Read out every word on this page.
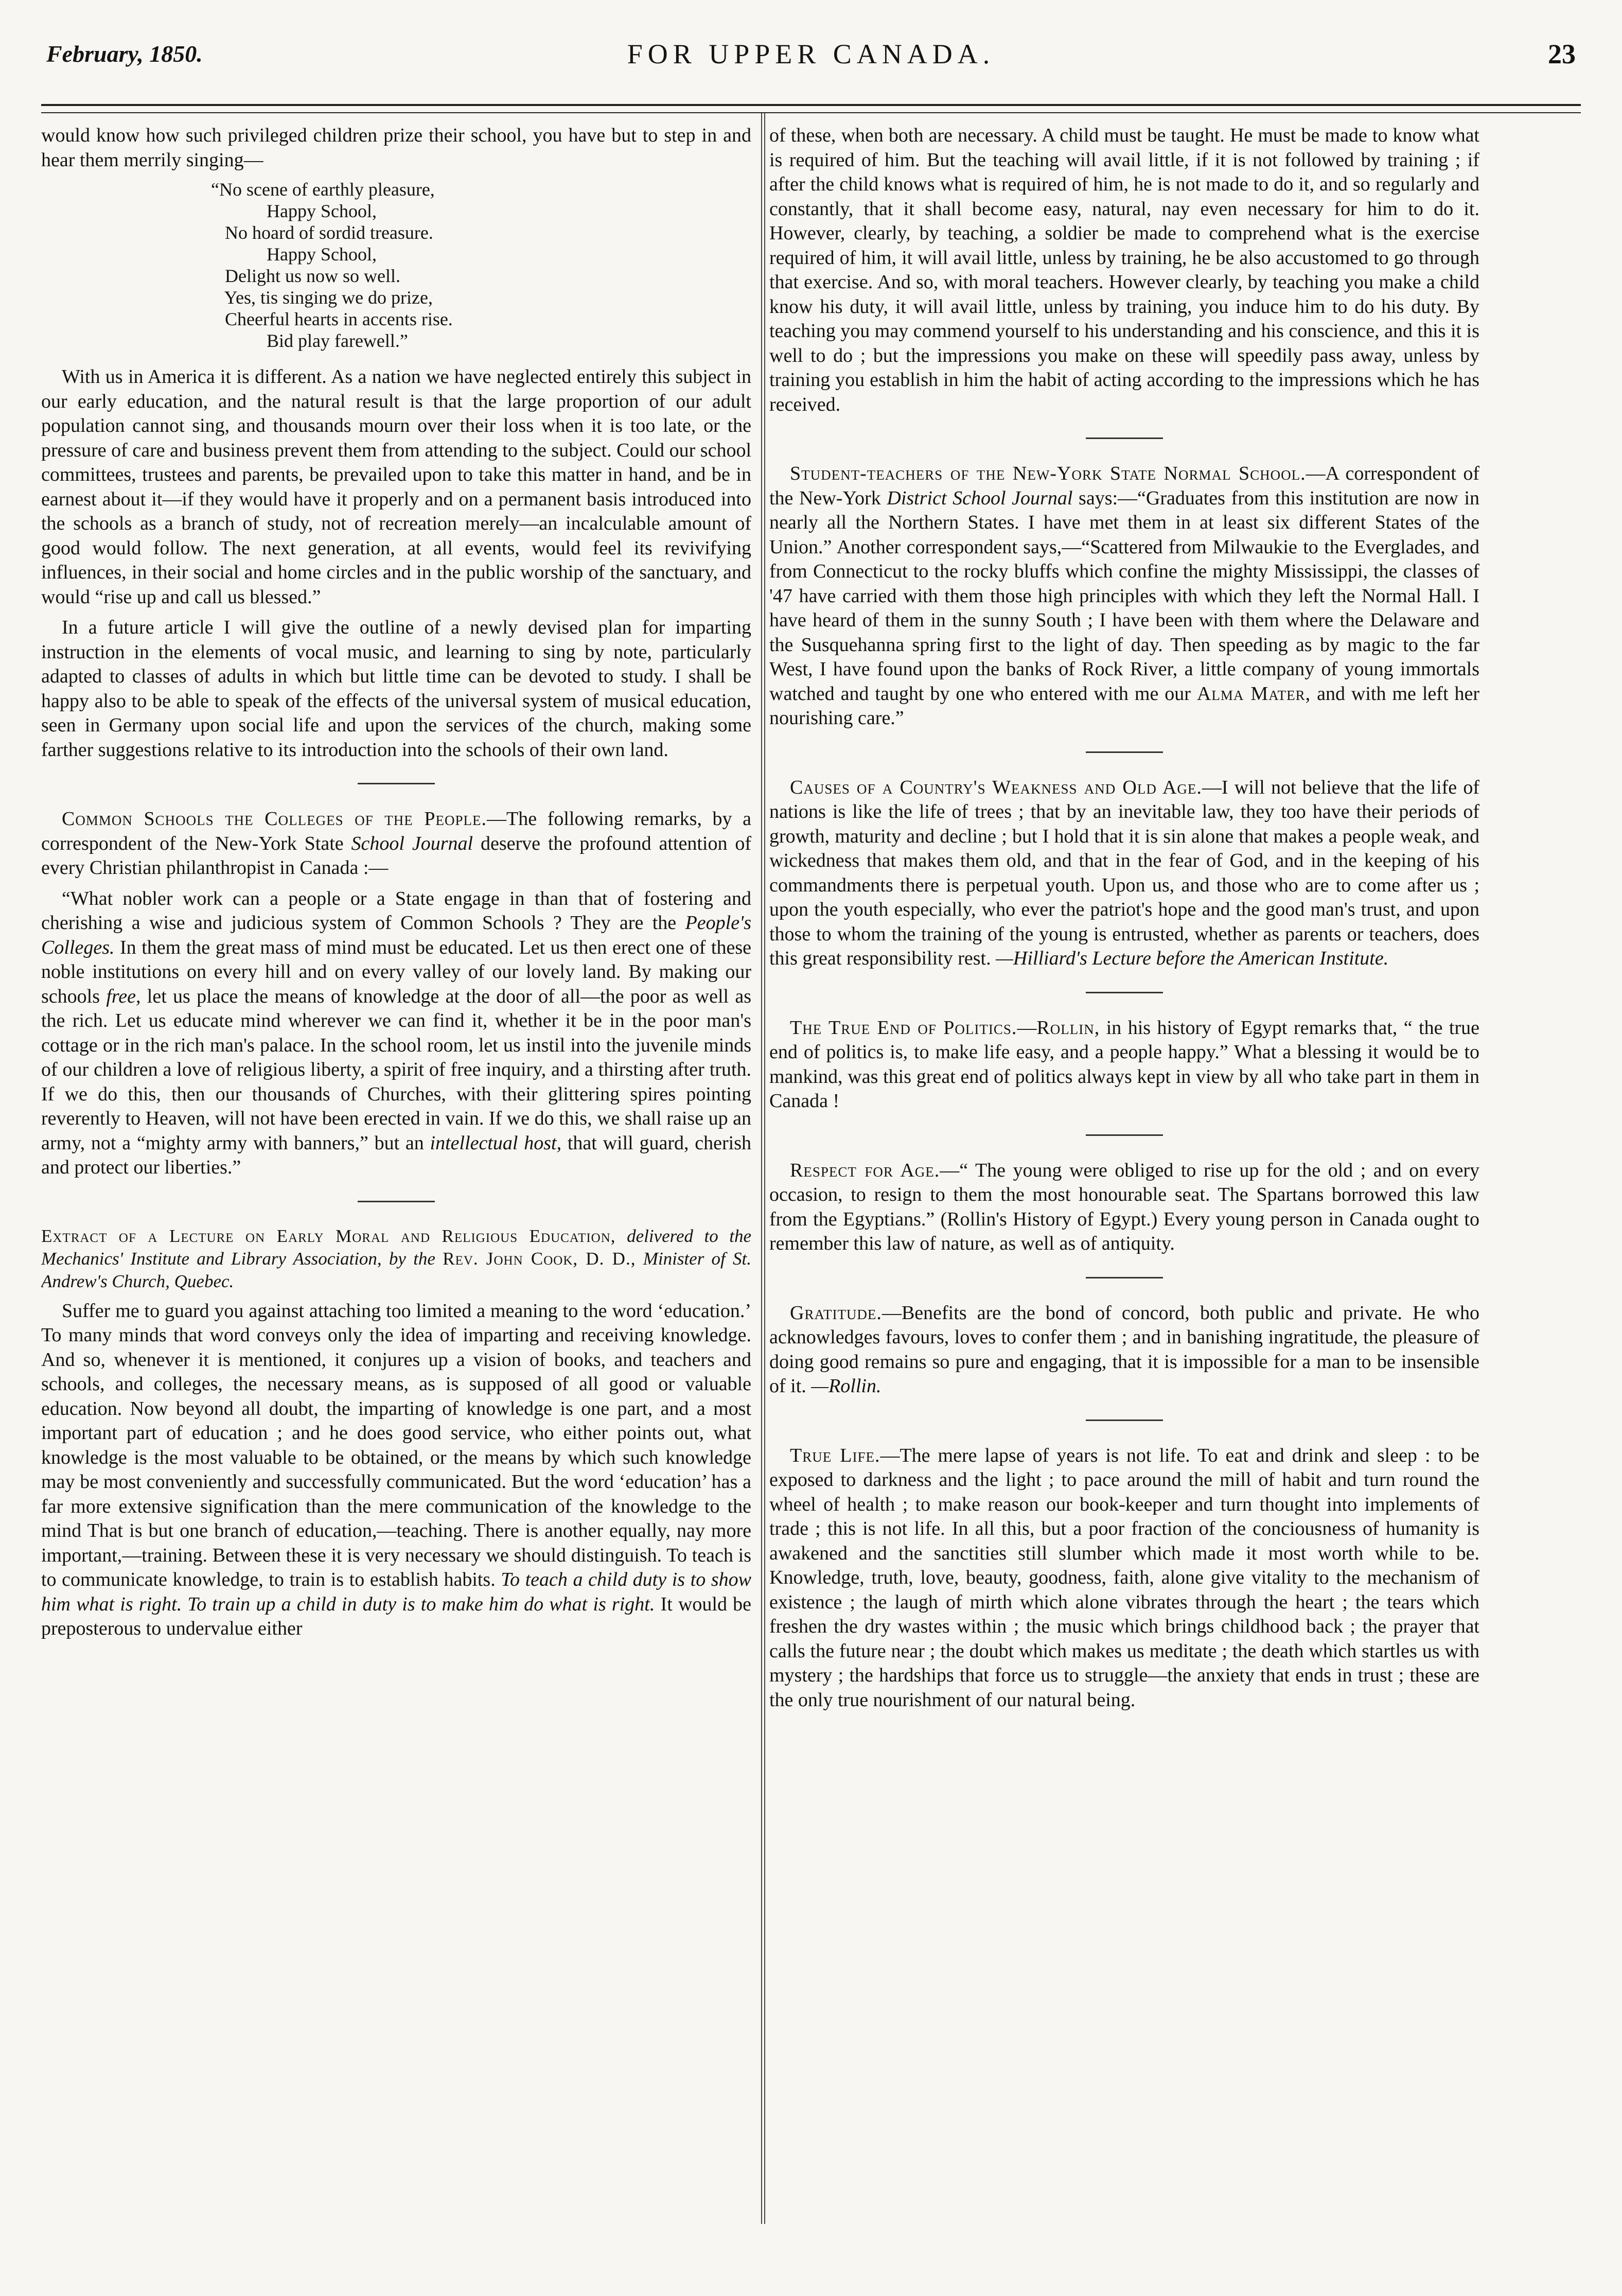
February, 1850.	FOR UPPER CANADA.	23

would know how such privileged children prize their school, you have but to step in and hear them merrily singing—

“No scene of earthly pleasure,
Happy School,
No hoard of sordid treasure.
Happy School,
Delight us now so well.
Yes, tis singing we do prize,
Cheerful hearts in accents rise.
Bid play farewell.”

With us in America it is different. As a nation we have neglected entirely this subject in our early education, and the natural result is that the large proportion of our adult population cannot sing, and thousands mourn over their loss when it is too late, or the pressure of care and business prevent them from attending to the subject. Could our school committees, trustees and parents, be prevailed upon to take this matter in hand, and be in earnest about it—if they would have it properly and on a permanent basis introduced into the schools as a branch of study, not of recreation merely—an incalculable amount of good would follow. The next generation, at all events, would feel its revivifying influences, in their social and home circles and in the public worship of the sanctuary, and would “rise up and call us blessed.”

In a future article I will give the outline of a newly devised plan for imparting instruction in the elements of vocal music, and learning to sing by note, particularly adapted to classes of adults in which but little time can be devoted to study. I shall be happy also to be able to speak of the effects of the universal system of musical education, seen in Germany upon social life and upon the services of the church, making some farther suggestions relative to its introduction into the schools of their own land.

Common Schools the Colleges of the People.—The following remarks, by a correspondent of the New-York State School Journal deserve the profound attention of every Christian philanthropist in Canada :—

“What nobler work can a people or a State engage in than that of fostering and cherishing a wise and judicious system of Common Schools ? They are the People's Colleges. In them the great mass of mind must be educated. Let us then erect one of these noble institutions on every hill and on every valley of our lovely land. By making our schools free, let us place the means of knowledge at the door of all—the poor as well as the rich. Let us educate mind wherever we can find it, whether it be in the poor man's cottage or in the rich man's palace. In the school room, let us instil into the juvenile minds of our children a love of religious liberty, a spirit of free inquiry, and a thirsting after truth. If we do this, then our thousands of Churches, with their glittering spires pointing reverently to Heaven, will not have been erected in vain. If we do this, we shall raise up an army, not a “mighty army with banners,” but an intellectual host, that will guard, cherish and protect our liberties.”

Extract of a Lecture on Early Moral and Religious Education, delivered to the Mechanics' Institute and Library Association, by the Rev. John Cook, D. D., Minister of St. Andrew's Church, Quebec.

Suffer me to guard you against attaching too limited a meaning to the word ‘education.’ To many minds that word conveys only the idea of imparting and receiving knowledge. And so, whenever it is mentioned, it conjures up a vision of books, and teachers and schools, and colleges, the necessary means, as is supposed of all good or valuable education. Now beyond all doubt, the imparting of knowledge is one part, and a most important part of education ; and he does good service, who either points out, what knowledge is the most valuable to be obtained, or the means by which such knowledge may be most conveniently and successfully communicated. But the word ‘education’ has a far more extensive signification than the mere communication of the knowledge to the mind That is but one branch of education,—teaching. There is another equally, nay more important,—training. Between these it is very necessary we should distinguish. To teach is to communicate knowledge, to train is to establish habits. To teach a child duty is to show him what is right. To train up a child in duty is to make him do what is right. It would be preposterous to undervalue either

of these, when both are necessary. A child must be taught. He must be made to know what is required of him. But the teaching will avail little, if it is not followed by training ; if after the child knows what is required of him, he is not made to do it, and so regularly and constantly, that it shall become easy, natural, nay even necessary for him to do it. However, clearly, by teaching, a soldier be made to comprehend what is the exercise required of him, it will avail little, unless by training, he be also accustomed to go through that exercise. And so, with moral teachers. However clearly, by teaching you make a child know his duty, it will avail little, unless by training, you induce him to do his duty. By teaching you may commend yourself to his understanding and his conscience, and this it is well to do ; but the impressions you make on these will speedily pass away, unless by training you establish in him the habit of acting according to the impressions which he has received.

Student-teachers of the New-York State Normal School.—A correspondent of the New-York District School Journal says:—“Graduates from this institution are now in nearly all the Northern States. I have met them in at least six different States of the Union.” Another correspondent says,—“Scattered from Milwaukie to the Everglades, and from Connecticut to the rocky bluffs which confine the mighty Mississippi, the classes of '47 have carried with them those high principles with which they left the Normal Hall. I have heard of them in the sunny South ; I have been with them where the Delaware and the Susquehanna spring first to the light of day. Then speeding as by magic to the far West, I have found upon the banks of Rock River, a little company of young immortals watched and taught by one who entered with me our Alma Mater, and with me left her nourishing care.”

Causes of a Country's Weakness and Old Age.—I will not believe that the life of nations is like the life of trees ; that by an inevitable law, they too have their periods of growth, maturity and decline ; but I hold that it is sin alone that makes a people weak, and wickedness that makes them old, and that in the fear of God, and in the keeping of his commandments there is perpetual youth. Upon us, and those who are to come after us ; upon the youth especially, who ever the patriot's hope and the good man's trust, and upon those to whom the training of the young is entrusted, whether as parents or teachers, does this great responsibility rest. —Hilliard's Lecture before the American Institute.

The True End of Politics.—Rollin, in his history of Egypt remarks that, “ the true end of politics is, to make life easy, and a people happy.” What a blessing it would be to mankind, was this great end of politics always kept in view by all who take part in them in Canada !

Respect for Age.—“ The young were obliged to rise up for the old ; and on every occasion, to resign to them the most honourable seat. The Spartans borrowed this law from the Egyptians.” (Rollin's History of Egypt.) Every young person in Canada ought to remember this law of nature, as well as of antiquity.

Gratitude.—Benefits are the bond of concord, both public and private. He who acknowledges favours, loves to confer them ; and in banishing ingratitude, the pleasure of doing good remains so pure and engaging, that it is impossible for a man to be insensible of it. —Rollin.

True Life.—The mere lapse of years is not life. To eat and drink and sleep : to be exposed to darkness and the light ; to pace around the mill of habit and turn round the wheel of health ; to make reason our book-keeper and turn thought into implements of trade ; this is not life. In all this, but a poor fraction of the conciousness of humanity is awakened and the sanctities still slumber which made it most worth while to be. Knowledge, truth, love, beauty, goodness, faith, alone give vitality to the mechanism of existence ; the laugh of mirth which alone vibrates through the heart ; the tears which freshen the dry wastes within ; the music which brings childhood back ; the prayer that calls the future near ; the doubt which makes us meditate ; the death which startles us with mystery ; the hardships that force us to struggle—the anxiety that ends in trust ; these are the only true nourishment of our natural being.
